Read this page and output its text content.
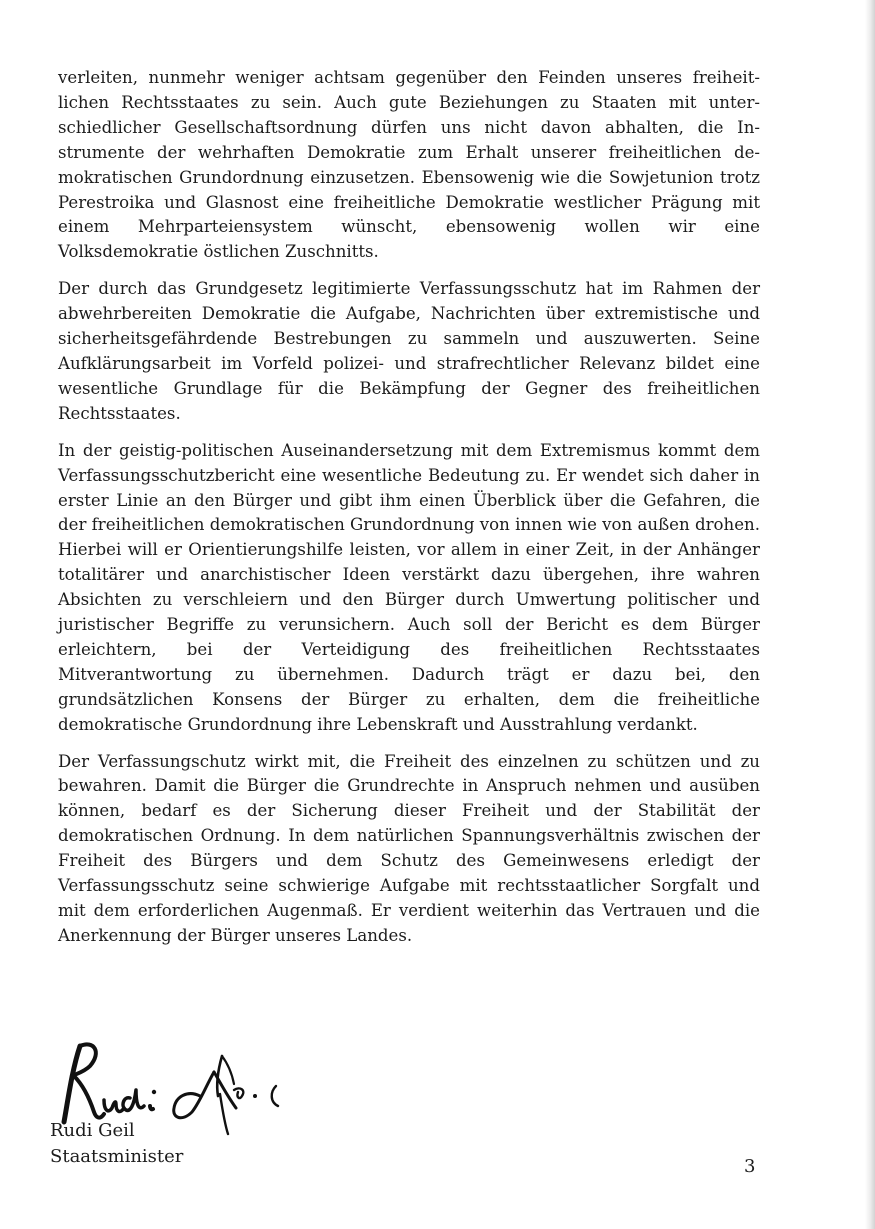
verleiten, nunmehr weniger achtsam gegenüber den Feinden unseres freiheitlichen Rechtsstaates zu sein. Auch gute Beziehungen zu Staaten mit unterschiedlicher Gesellschaftsordnung dürfen uns nicht davon abhalten, die Instrumente der wehrhaften Demokratie zum Erhalt unserer freiheitlichen demokratischen Grundordnung einzusetzen. Ebensowenig wie die Sowjetunion trotz Perestroika und Glasnost eine freiheitliche Demokratie westlicher Prägung mit einem Mehrparteiensystem wünscht, ebensowenig wollen wir eine Volksdemokratie östlichen Zuschnitts.

Der durch das Grundgesetz legitimierte Verfassungsschutz hat im Rahmen der abwehrbereiten Demokratie die Aufgabe, Nachrichten über extremistische und sicherheitsgefährdende Bestrebungen zu sammeln und auszuwerten. Seine Aufklärungsarbeit im Vorfeld polizei- und strafrechtlicher Relevanz bildet eine wesentliche Grundlage für die Bekämpfung der Gegner des freiheitlichen Rechtsstaates.

In der geistig-politischen Auseinandersetzung mit dem Extremismus kommt dem Verfassungsschutzbericht eine wesentliche Bedeutung zu. Er wendet sich daher in erster Linie an den Bürger und gibt ihm einen Überblick über die Gefahren, die der freiheitlichen demokratischen Grundordnung von innen wie von außen drohen. Hierbei will er Orientierungshilfe leisten, vor allem in einer Zeit, in der Anhänger totalitärer und anarchistischer Ideen verstärkt dazu übergehen, ihre wahren Absichten zu verschleiern und den Bürger durch Umwertung politischer und juristischer Begriffe zu verunsichern. Auch soll der Bericht es dem Bürger erleichtern, bei der Verteidigung des freiheitlichen Rechtsstaates Mitverantwortung zu übernehmen. Dadurch trägt er dazu bei, den grundsätzlichen Konsens der Bürger zu erhalten, dem die freiheitliche demokratische Grundordnung ihre Lebenskraft und Ausstrahlung verdankt.

Der Verfassungschutz wirkt mit, die Freiheit des einzelnen zu schützen und zu bewahren. Damit die Bürger die Grundrechte in Anspruch nehmen und ausüben können, bedarf es der Sicherung dieser Freiheit und der Stabilität der demokratischen Ordnung. In dem natürlichen Spannungsverhältnis zwischen der Freiheit des Bürgers und dem Schutz des Gemeinwesens erledigt der Verfassungsschutz seine schwierige Aufgabe mit rechtsstaatlicher Sorgfalt und mit dem erforderlichen Augenmaß. Er verdient weiterhin das Vertrauen und die Anerkennung der Bürger unseres Landes.

Rudi Geil
Staatsminister	3
